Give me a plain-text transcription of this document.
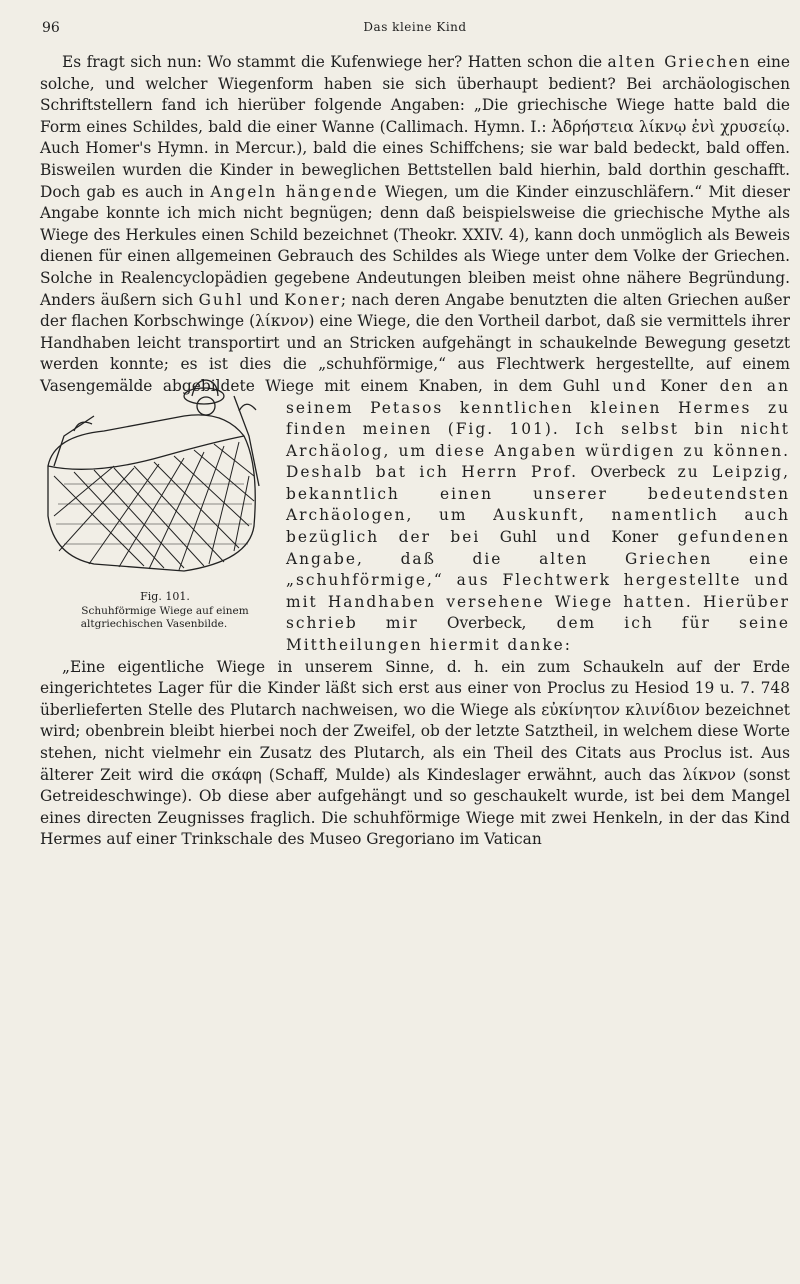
96	Das kleine Kind

Es fragt sich nun: Wo stammt die Kufenwiege her? Hatten schon die alten Griechen eine solche, und welcher Wiegenform haben sie sich überhaupt bedient? Bei archäologischen Schriftstellern fand ich hierüber folgende Angaben: „Die griechische Wiege hatte bald die Form eines Schildes, bald die einer Wanne (Callimach. Hymn. I.: Ἀδρήστεια λίκνῳ ἐνὶ χρυσείῳ. Auch Homer's Hymn. in Mercur.), bald die eines Schiffchens; sie war bald bedeckt, bald offen. Bisweilen wurden die Kinder in beweglichen Bettstellen bald hierhin, bald dorthin geschafft. Doch gab es auch in Angeln hängende Wiegen, um die Kinder einzuschläfern.“ Mit dieser Angabe konnte ich mich nicht begnügen; denn daß beispielsweise die griechische Mythe als Wiege des Herkules einen Schild bezeichnet (Theokr. XXIV. 4), kann doch unmöglich als Beweis dienen für einen allgemeinen Gebrauch des Schildes als Wiege unter dem Volke der Griechen. Solche in Realencyclopädien gegebene Andeutungen bleiben meist ohne nähere Begründung. Anders äußern sich Guhl und Koner; nach deren Angabe benutzten die alten Griechen außer der flachen Korbschwinge (λίκνον) eine Wiege, die den Vortheil darbot, daß sie vermittels ihrer Handhaben leicht transportirt und an Stricken aufgehängt in schaukelnde Bewegung gesetzt werden konnte; es ist dies die „schuhförmige,“ aus Flechtwerk hergestellte, auf einem Vasengemälde abgebildete Wiege mit einem Knaben, in dem
Fig. 101.
Schuhförmige Wiege auf einem altgriechischen Vasenbilde.
Guhl und Koner den an seinem Petasos kenntlichen kleinen Hermes zu finden meinen (Fig. 101). Ich selbst bin nicht Archäolog, um diese Angaben würdigen zu können. Deshalb bat ich Herrn Prof. Overbeck zu Leipzig, bekanntlich einen unserer bedeutendsten Archäologen, um Auskunft, namentlich auch bezüglich der bei Guhl und Koner gefundenen Angabe, daß die alten Griechen eine „schuhförmige,“ aus Flechtwerk hergestellte und mit Handhaben versehene Wiege hatten. Hierüber schrieb mir Overbeck, dem ich für seine Mittheilungen hiermit danke:

„Eine eigentliche Wiege in unserem Sinne, d. h. ein zum Schaukeln auf der Erde eingerichtetes Lager für die Kinder läßt sich erst aus einer von Proclus zu Hesiod 19 u. 7. 748 überlieferten Stelle des Plutarch nachweisen, wo die Wiege als εὐκίνητον κλινίδιον bezeichnet wird; obenbrein bleibt hierbei noch der Zweifel, ob der letzte Satztheil, in welchem diese Worte stehen, nicht vielmehr ein Zusatz des Plutarch, als ein Theil des Citats aus Proclus ist. Aus älterer Zeit wird die σκάφη (Schaff, Mulde) als Kindeslager erwähnt, auch das λίκνον (sonst Getreideschwinge). Ob diese aber aufgehängt und so geschaukelt wurde, ist bei dem Mangel eines directen Zeugnisses fraglich. Die schuhförmige Wiege mit zwei Henkeln, in der das Kind Hermes auf einer Trinkschale des Museo Gregoriano im Vatican
